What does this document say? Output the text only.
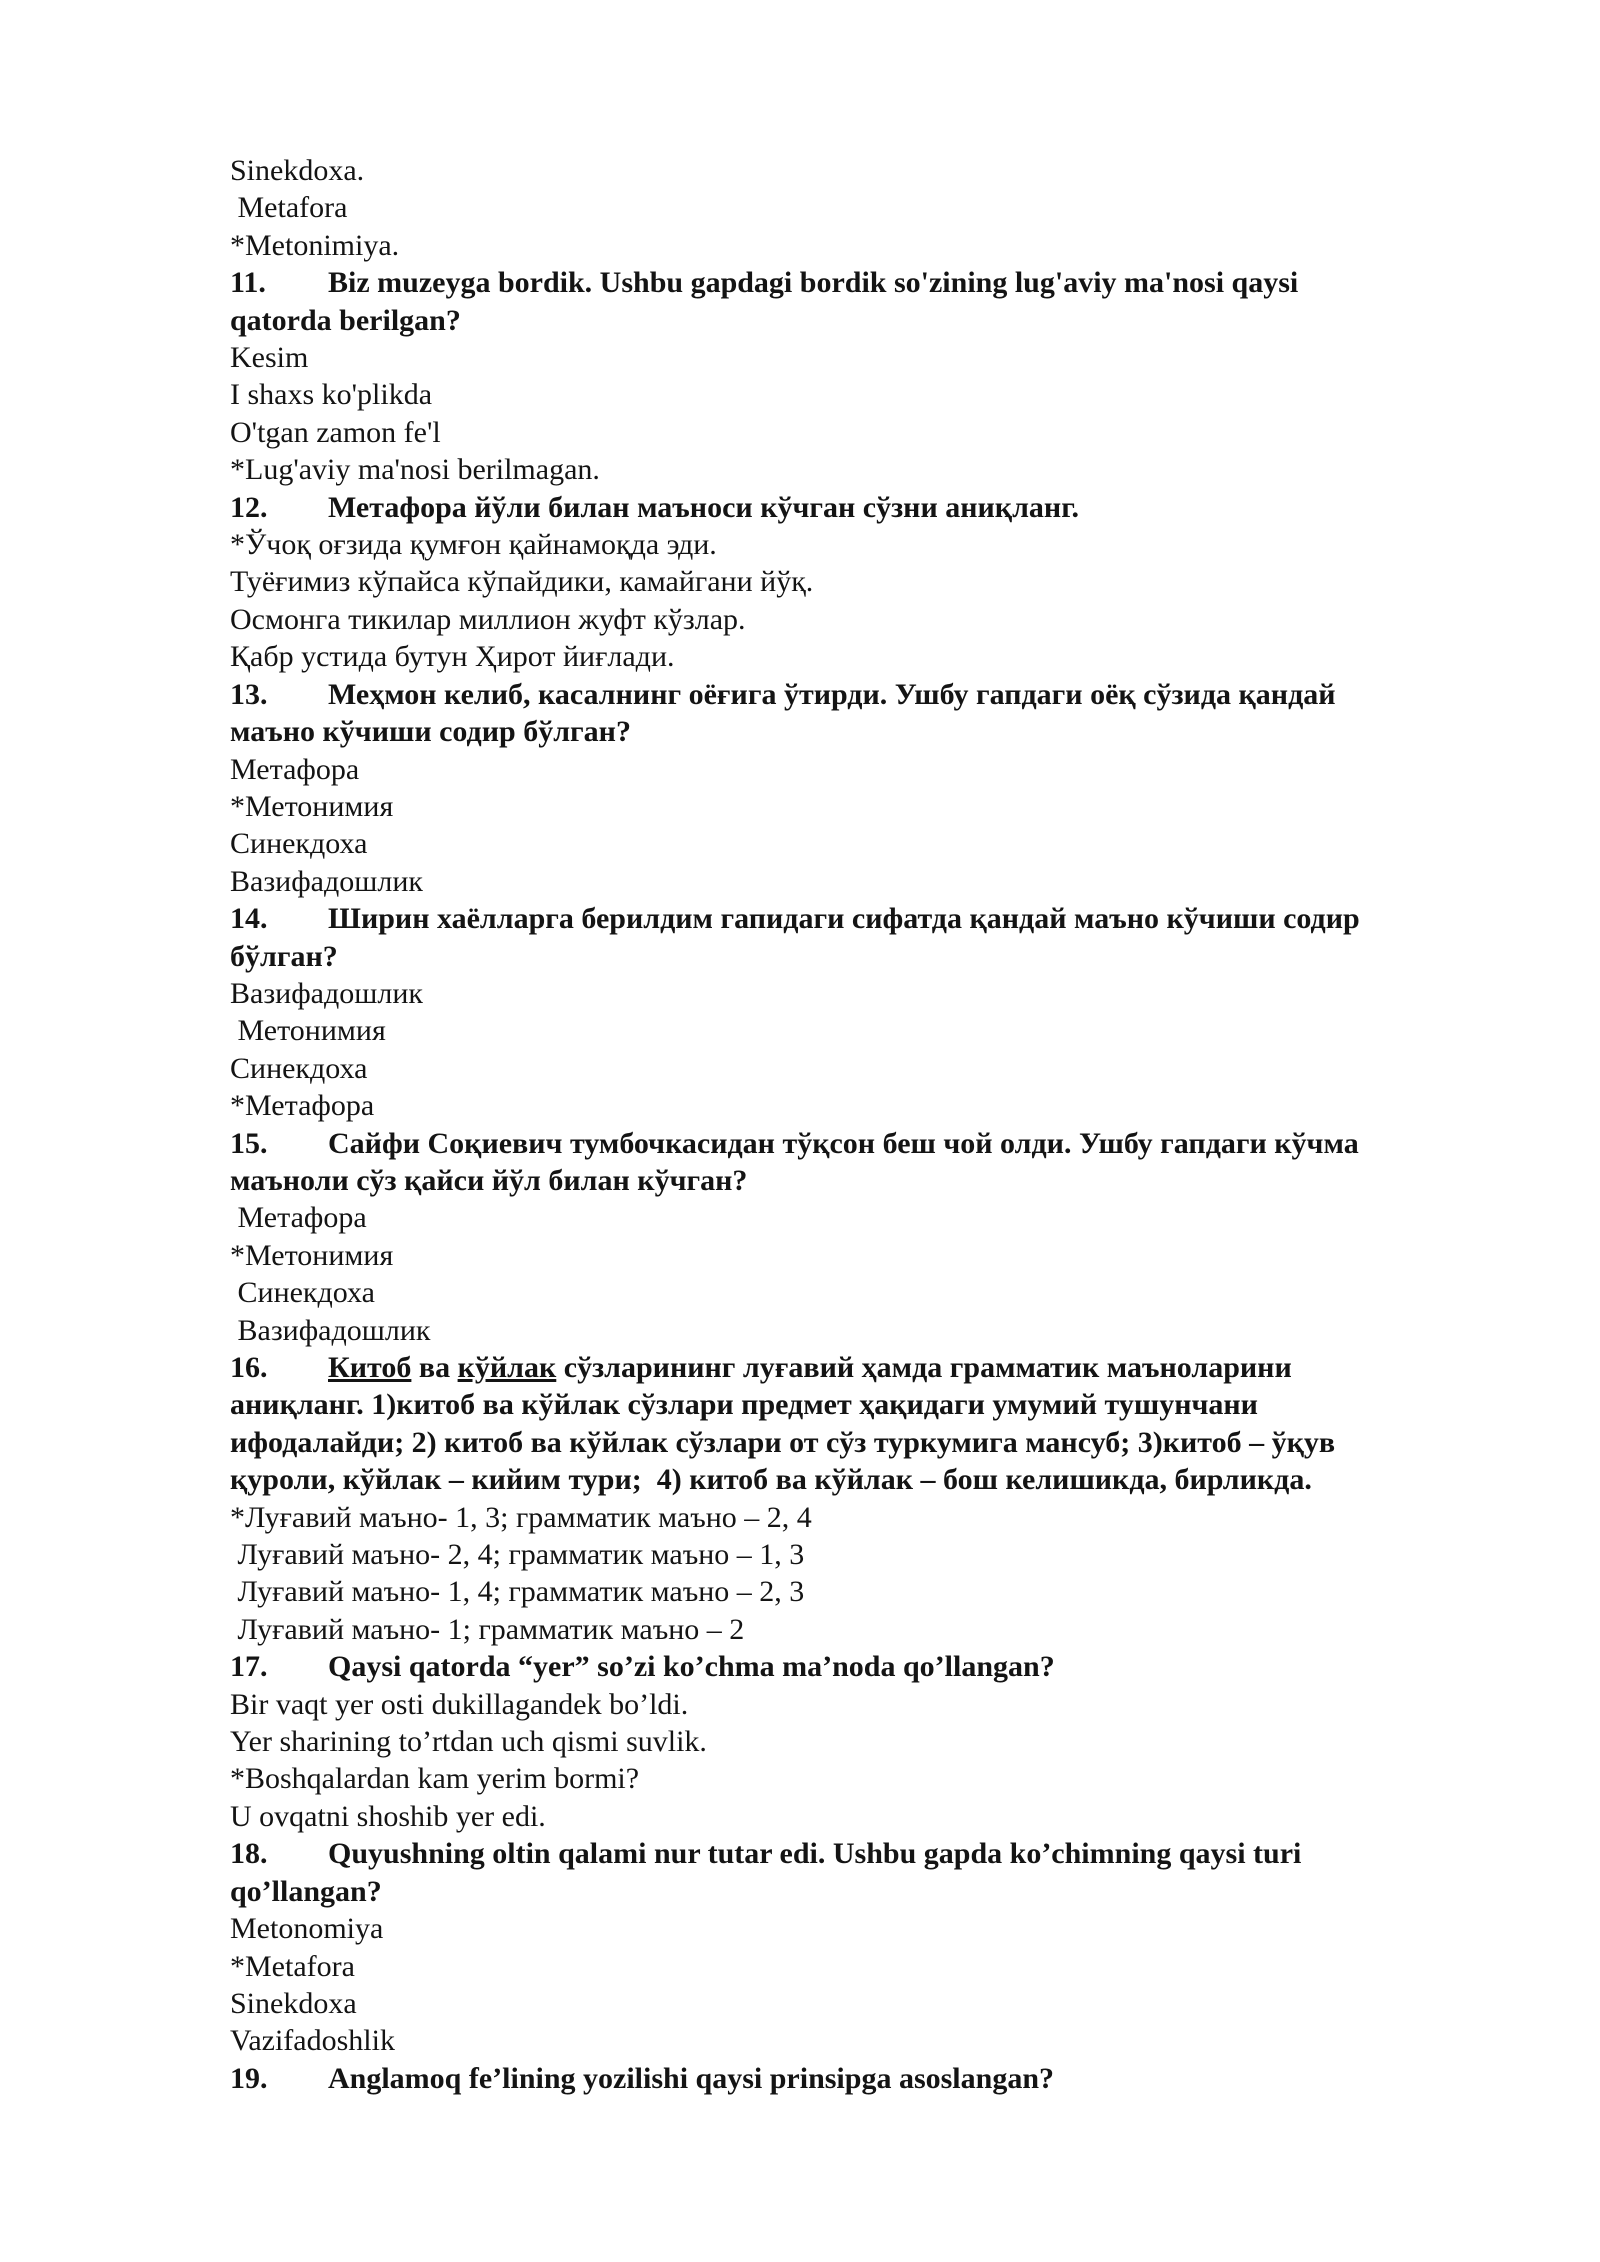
Sinekdoxa.

Metafora

*Metonimiya.

11.	Biz muzeyga bordik. Ushbu gapdagi bordik so'zining lug'aviy ma'nosi qaysi

qatorda berilgan?

Kesim

I shaxs ko'plikda

O'tgan zamon fe'l

*Lug'aviy ma'nosi berilmagan.

12.	Метафора йўли билан маъноси кўчган сўзни аниқланг.

*Ўчоқ оғзида қумғон қайнамоқда эди.

Туёғимиз кўпайса кўпайдики, камайгани йўқ.

Осмонга тикилар миллион жуфт кўзлар.

Қабр устида бутун Ҳирот йиғлади.

13.	Меҳмон келиб, касалнинг оёғига ўтирди. Ушбу гапдаги оёқ сўзида қандай

маъно кўчиши содир бўлган?

Метафора

*Метонимия

Синекдоха

Вазифадошлик

14.	Ширин хаёлларга берилдим гапидаги сифатда қандай маъно кўчиши содир

бўлган?

Вазифадошлик

Метонимия

Синекдоха

*Метафора

15.	Сайфи Соқиевич тумбочкасидан тўқсон беш чой олди. Ушбу гапдаги кўчма

маъноли сўз қайси йўл билан кўчган?

Метафора

*Метонимия

Синекдоха

Вазифадошлик

16.	Китоб ва кўйлак сўзларининг луғавий ҳамда грамматик маъноларини

аниқланг. 1)китоб ва кўйлак сўзлари предмет ҳақидаги умумий тушунчани

ифодалайди; 2) китоб ва кўйлак сўзлари от сўз туркумига мансуб; 3)китоб – ўқув

қуроли, кўйлак – кийим тури;  4) китоб ва кўйлак – бош келишикда, бирликда.

*Луғавий маъно- 1, 3; грамматик маъно – 2, 4

Луғавий маъно- 2, 4; грамматик маъно – 1, 3

Луғавий маъно- 1, 4; грамматик маъно – 2, 3

Луғавий маъно- 1; грамматик маъно – 2

17.	Qaysi qatorda “yer” so’zi ko’chma ma’noda qo’llangan?

Bir vaqt yer osti dukillagandek bo’ldi.

Yer sharining to’rtdan uch qismi suvlik.

*Boshqalardan kam yerim bormi?

U ovqatni shoshib yer edi.

18.	Quyushning oltin qalami nur tutar edi. Ushbu gapda ko’chimning qaysi turi

qo’llangan?

Metonomiya

*Metafora

Sinekdoxa

Vazifadoshlik

19.	Anglamoq fe’lining yozilishi qaysi prinsipga asoslangan?
